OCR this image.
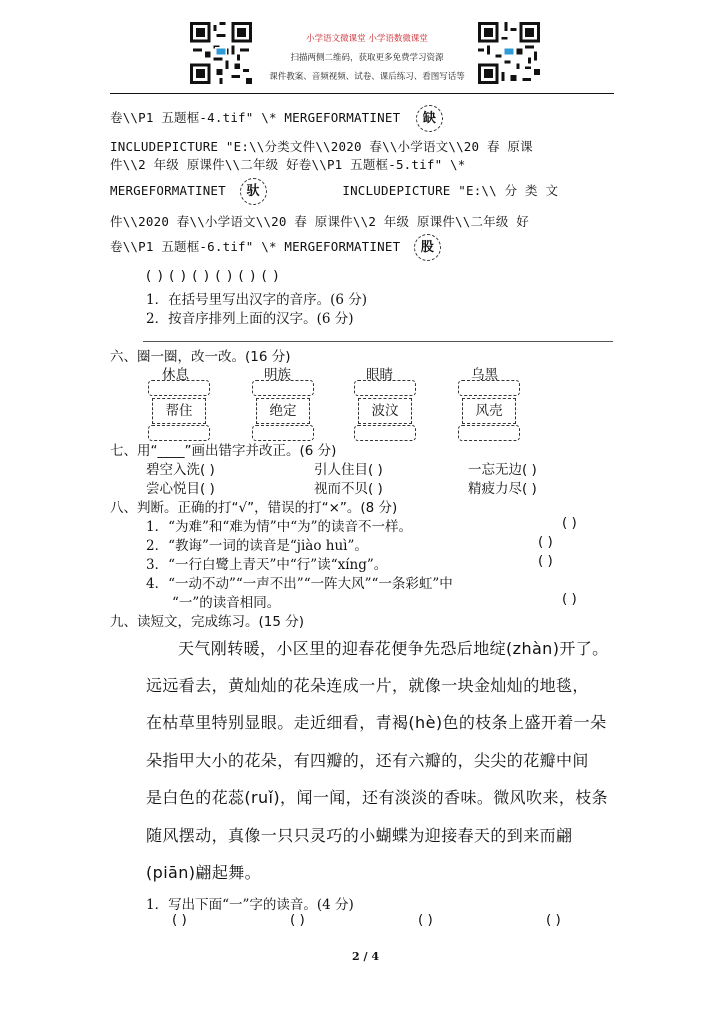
小学语文微课堂 小学语数微课堂
扫描两侧二维码，获取更多免费学习资源
课件教案、音频视频、试卷、课后练习、看图写话等
卷\\P1 五题框-4.tif" \* MERGEFORMATINET 缺
INCLUDEPICTURE "E:\\分类文件\\2020 春\\小学语文\\20 春 原课
件\\2 年级 原课件\\二年级 好卷\\P1 五题框-5.tif" \*
MERGEFORMATINET 驮	INCLUDEPICTURE "E:\\ 分 类 文
件\\2020 春\\小学语文\\20 春 原课件\\2 年级 原课件\\二年级 好
卷\\P1 五题框-6.tif" \* MERGEFORMATINET 股
( ) ( ) ( ) ( ) ( ) ( )
1．在括号里写出汉字的音序。(6 分)
2．按音序排列上面的汉字。(6 分)
六、圈一圈，改一改。(16 分)
休息	明族	眼睛	乌黑
帮住	绝定	波汶	风売
七、用“____”画出错字并改正。(6 分)
碧空入洗( )	引人住目( )	一忘无边( )
尝心悦目( )	视而不贝( )	精疲力尽( )
八、判断。正确的打“√”，错误的打“×”。(8 分)
1．“为难”和“难为情”中“为”的读音不一样。	( )
2．“教诲”一词的读音是“jiào huì”。	( )
3．“一行白鹭上青天”中“行”读“xíng”。	( )
4．“一动不动”“一声不出”“一阵大风”“一条彩虹”中
“一”的读音相同。	( )
九、读短文，完成练习。(15 分)
天气刚转暖，小区里的迎春花便争先恐后地绽(zhàn)开了。
远远看去，黄灿灿的花朵连成一片，就像一块金灿灿的地毯，
在枯草里特别显眼。走近细看，青褐(hè)色的枝条上盛开着一朵
朵指甲大小的花朵，有四瓣的，还有六瓣的，尖尖的花瓣中间
是白色的花蕊(ruǐ)，闻一闻，还有淡淡的香味。微风吹来，枝条
随风摆动，真像一只只灵巧的小蝴蝶为迎接春天的到来而翩
(piān)翩起舞。
1．写出下面“一”字的读音。(4 分)
( )	( )	( )	( )
2 / 4
